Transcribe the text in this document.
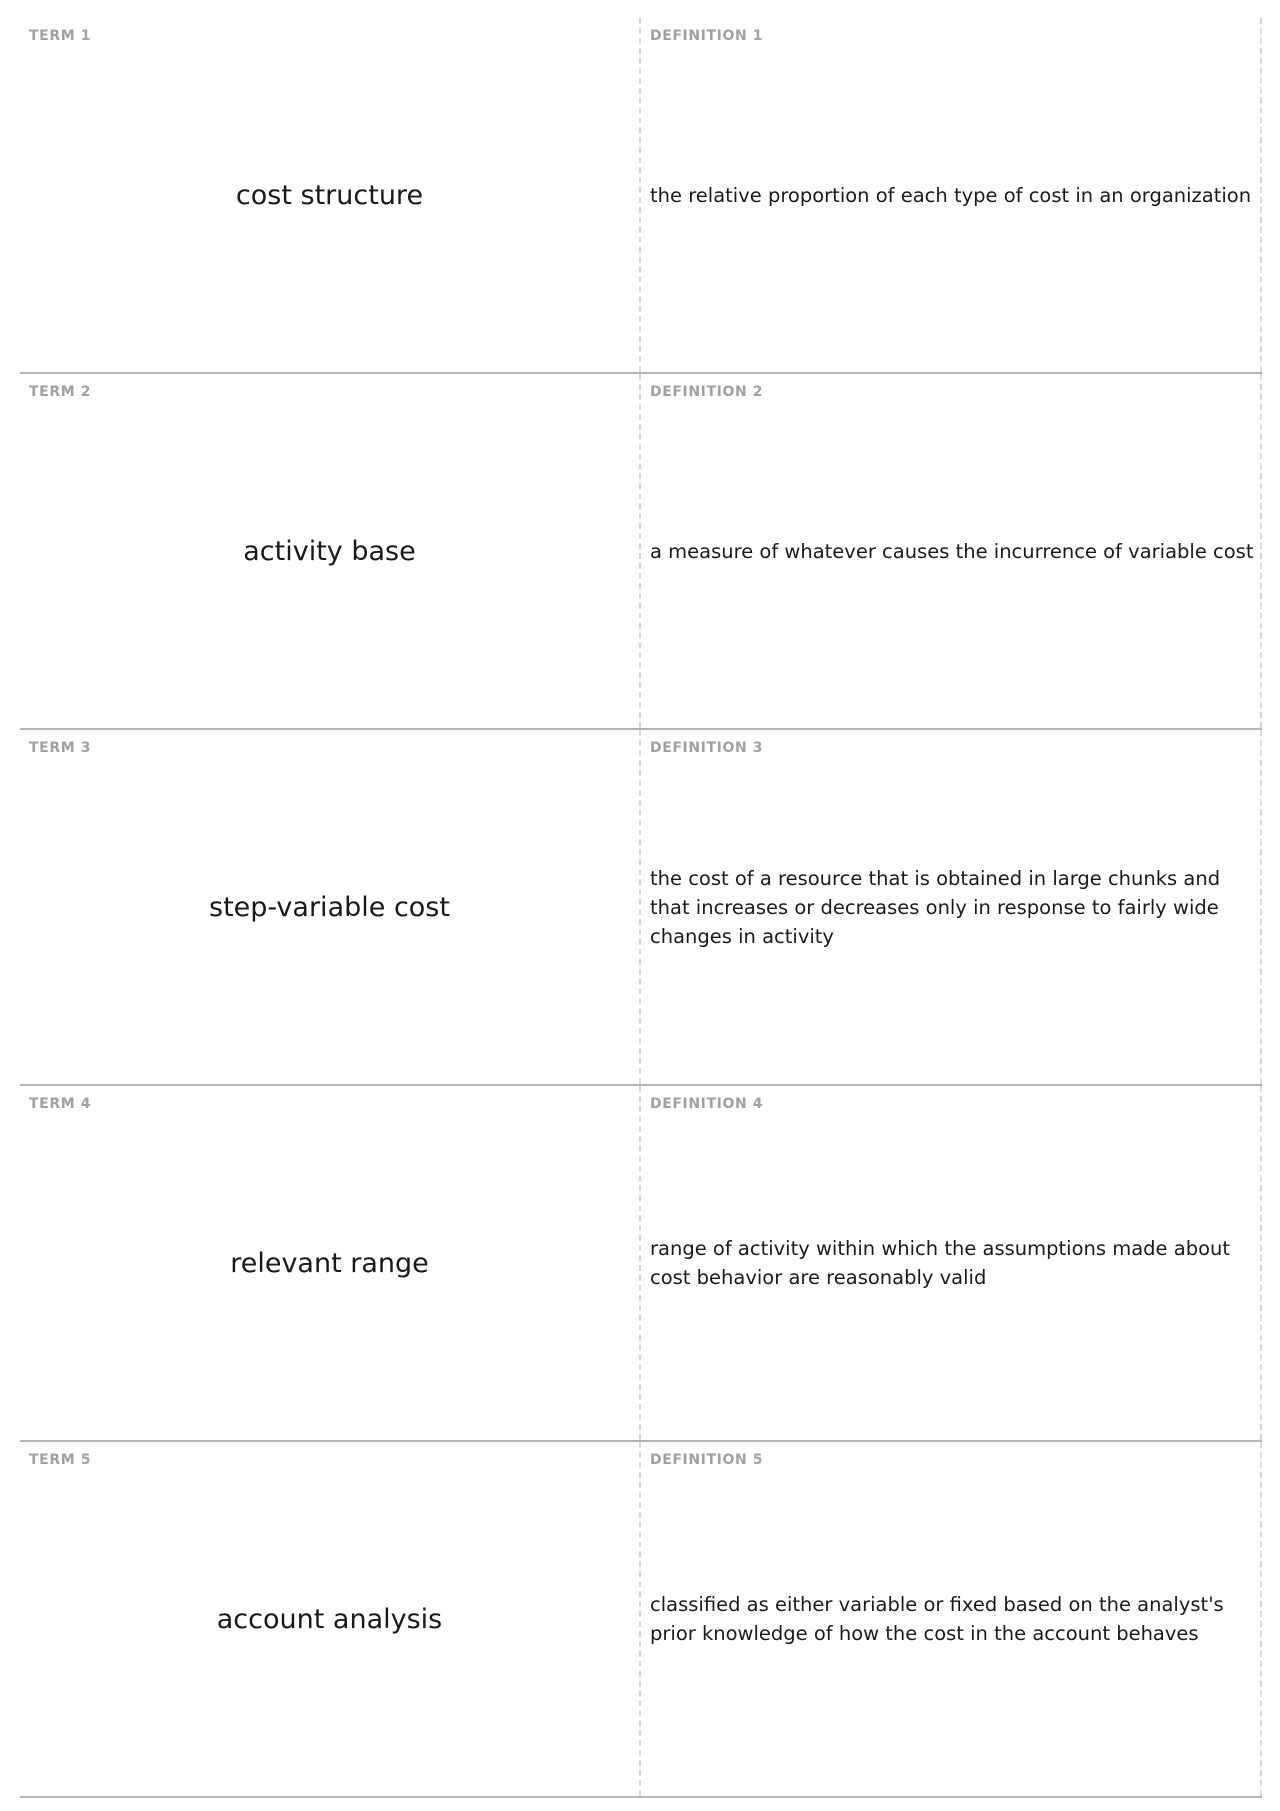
TERM 1
cost structure
DEFINITION 1
the relative proportion of each type of cost in an organization
TERM 2
activity base
DEFINITION 2
a measure of whatever causes the incurrence of variable cost
TERM 3
step-variable cost
DEFINITION 3
the cost of a resource that is obtained in large chunks and that increases or decreases only in response to fairly wide changes in activity
TERM 4
relevant range
DEFINITION 4
range of activity within which the assumptions made about cost behavior are reasonably valid
TERM 5
account analysis
DEFINITION 5
classified as either variable or fixed based on the analyst's prior knowledge of how the cost in the account behaves
